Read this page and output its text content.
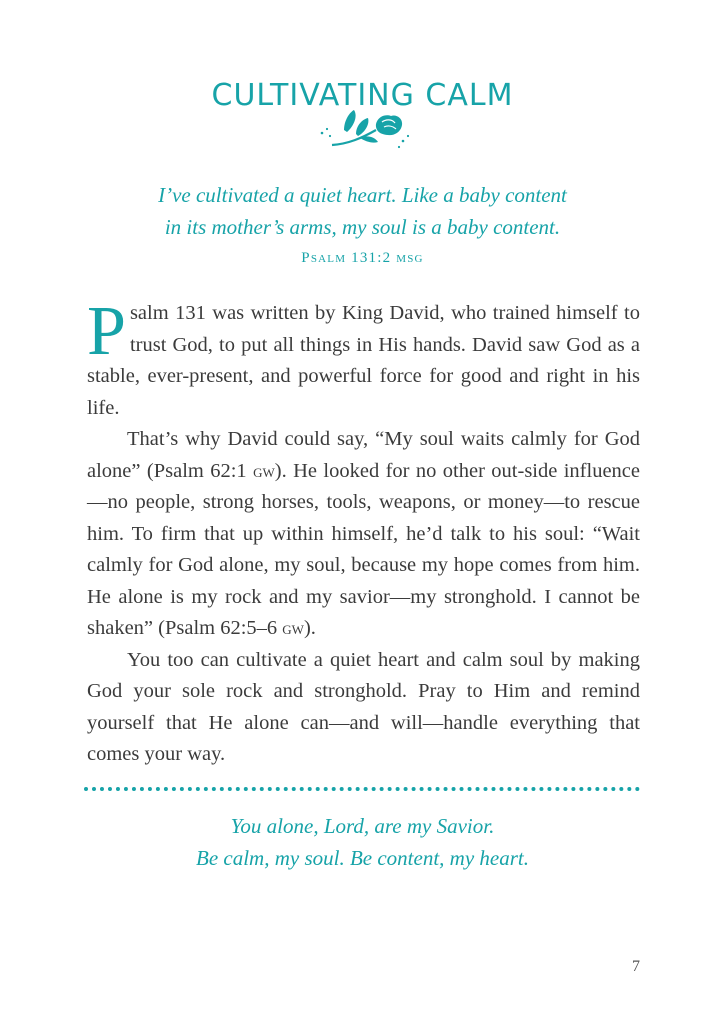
CULTIVATING CALM
I’ve cultivated a quiet heart. Like a baby content
in its mother’s arms, my soul is a baby content.
Psalm 131:2 msg

Psalm 131 was written by King David, who trained himself to trust God, to put all things in His hands. David saw God as a stable, ever-present, and powerful force for good and right in his life.

That’s why David could say, “My soul waits calmly for God alone” (Psalm 62:1 gw). He looked for no other out-side influence—no people, strong horses, tools, weapons, or money—to rescue him. To firm that up within himself, he’d talk to his soul: “Wait calmly for God alone, my soul, because my hope comes from him. He alone is my rock and my savior—my stronghold. I cannot be shaken” (Psalm 62:5–6 gw).

You too can cultivate a quiet heart and calm soul by making God your sole rock and stronghold. Pray to Him and remind yourself that He alone can—and will—handle everything that comes your way.

You alone, Lord, are my Savior.
Be calm, my soul. Be content, my heart.
7
